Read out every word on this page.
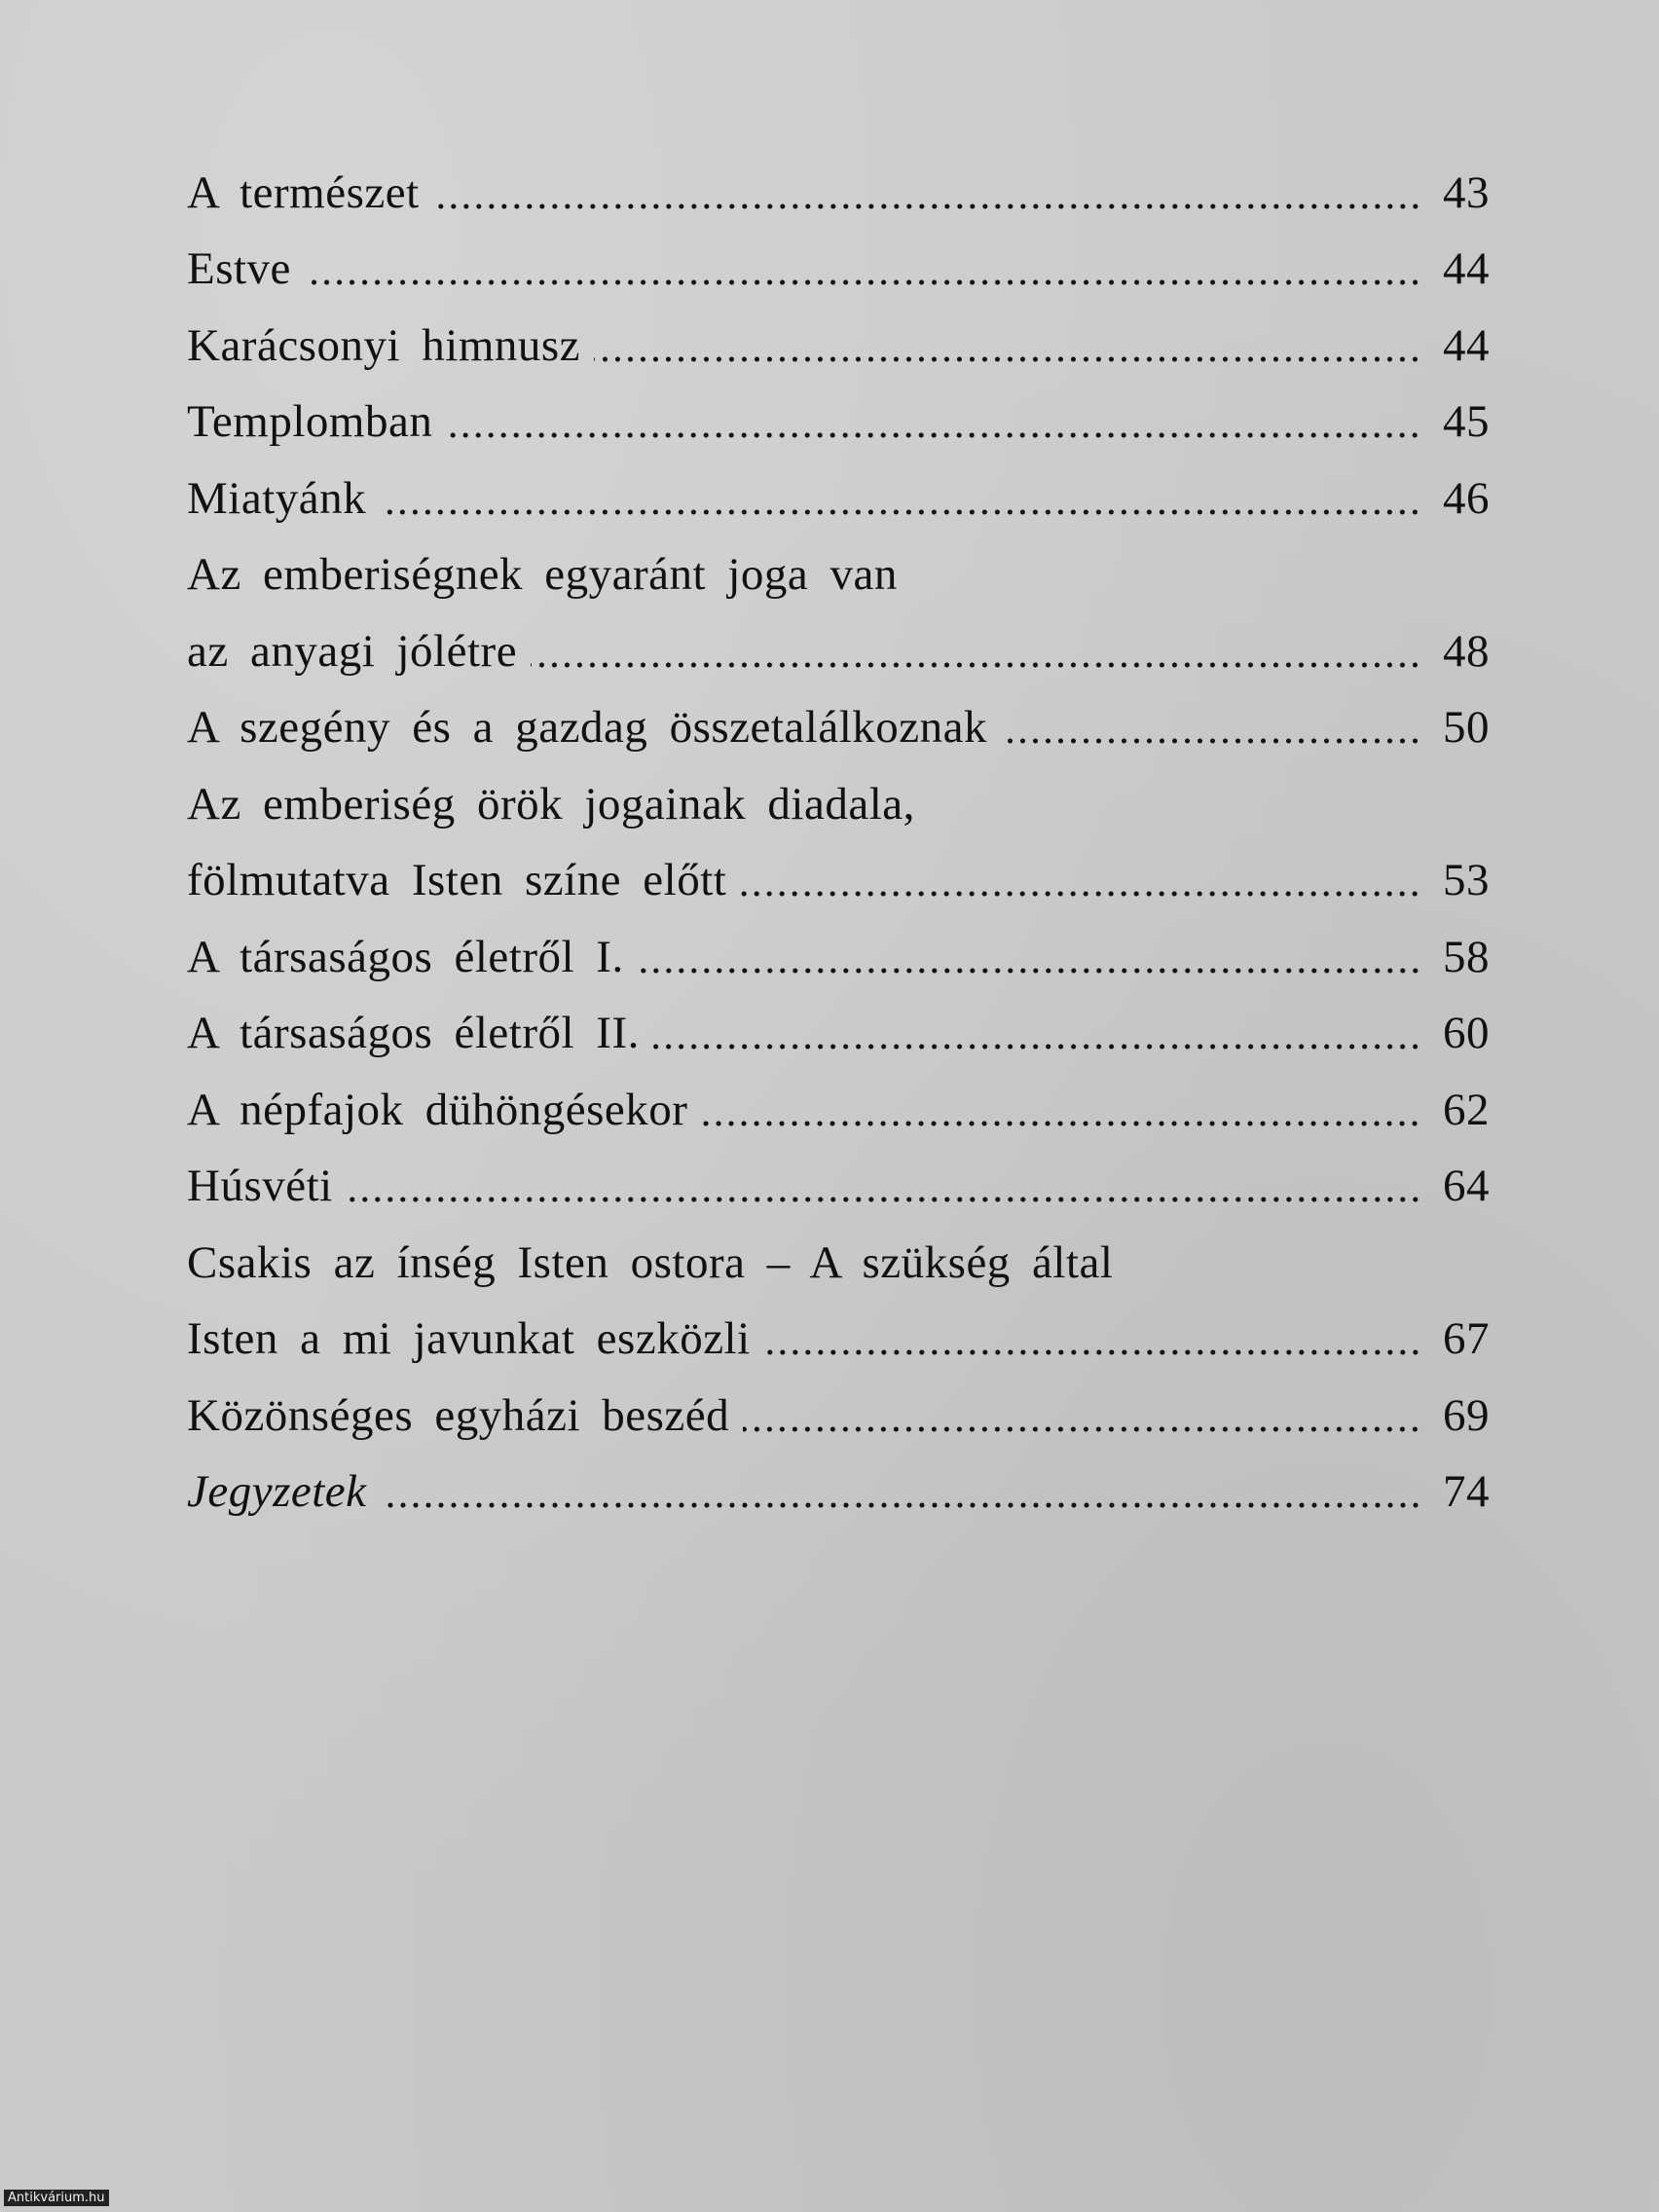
A természet	43
Estve	44
Karácsonyi himnusz	44
Templomban	45
Miatyánk	46
Az emberiségnek egyaránt joga van
az anyagi jólétre	48
A szegény és a gazdag összetalálkoznak	50
Az emberiség örök jogainak diadala,
fölmutatva Isten színe előtt	53
A társaságos életről I.	58
A társaságos életről II.	60
A népfajok dühöngésekor	62
Húsvéti	64
Csakis az ínség Isten ostora – A szükség által
Isten a mi javunkat eszközli	67
Közönséges egyházi beszéd	69
Jegyzetek	74
Antikvárium.hu
